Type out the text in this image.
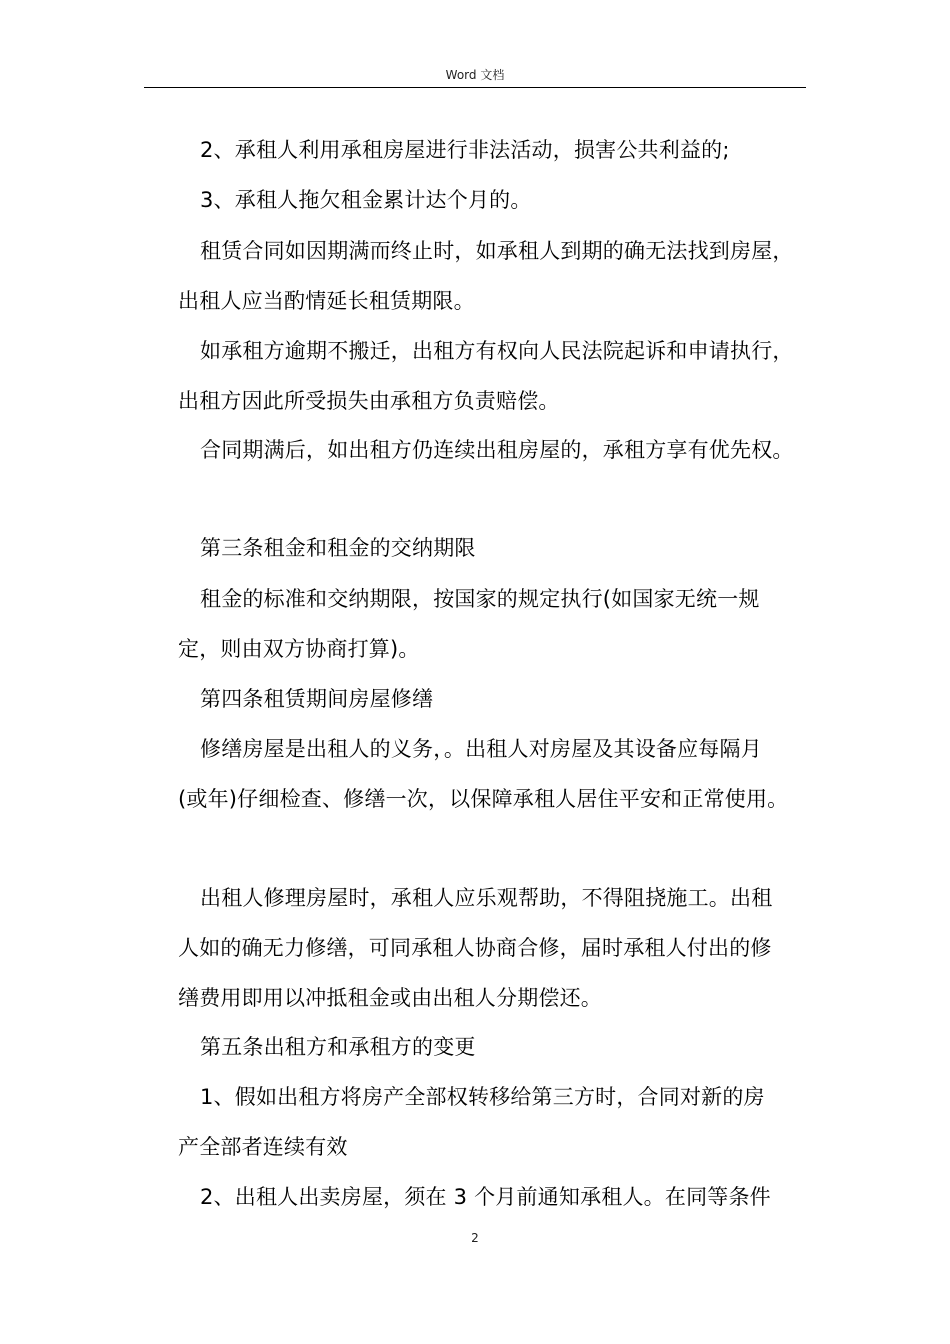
Word 文档
2、承租人利用承租房屋进行非法活动，损害公共利益的;
3、承租人拖欠租金累计达个月的。
租赁合同如因期满而终止时，如承租人到期的确无法找到房屋，
出租人应当酌情延长租赁期限。
如承租方逾期不搬迁，出租方有权向人民法院起诉和申请执行，
出租方因此所受损失由承租方负责赔偿。
合同期满后，如出租方仍连续出租房屋的，承租方享有优先权。
第三条租金和租金的交纳期限
租金的标准和交纳期限，按国家的规定执行(如国家无统一规
定，则由双方协商打算)。
第四条租赁期间房屋修缮
修缮房屋是出租人的义务，。出租人对房屋及其设备应每隔月
(或年)仔细检查、修缮一次，以保障承租人居住平安和正常使用。
出租人修理房屋时，承租人应乐观帮助，不得阻挠施工。出租
人如的确无力修缮，可同承租人协商合修，届时承租人付出的修
缮费用即用以冲抵租金或由出租人分期偿还。
第五条出租方和承租方的变更
1、假如出租方将房产全部权转移给第三方时，合同对新的房
产全部者连续有效
2、出租人出卖房屋，须在 3 个月前通知承租人。在同等条件
2
